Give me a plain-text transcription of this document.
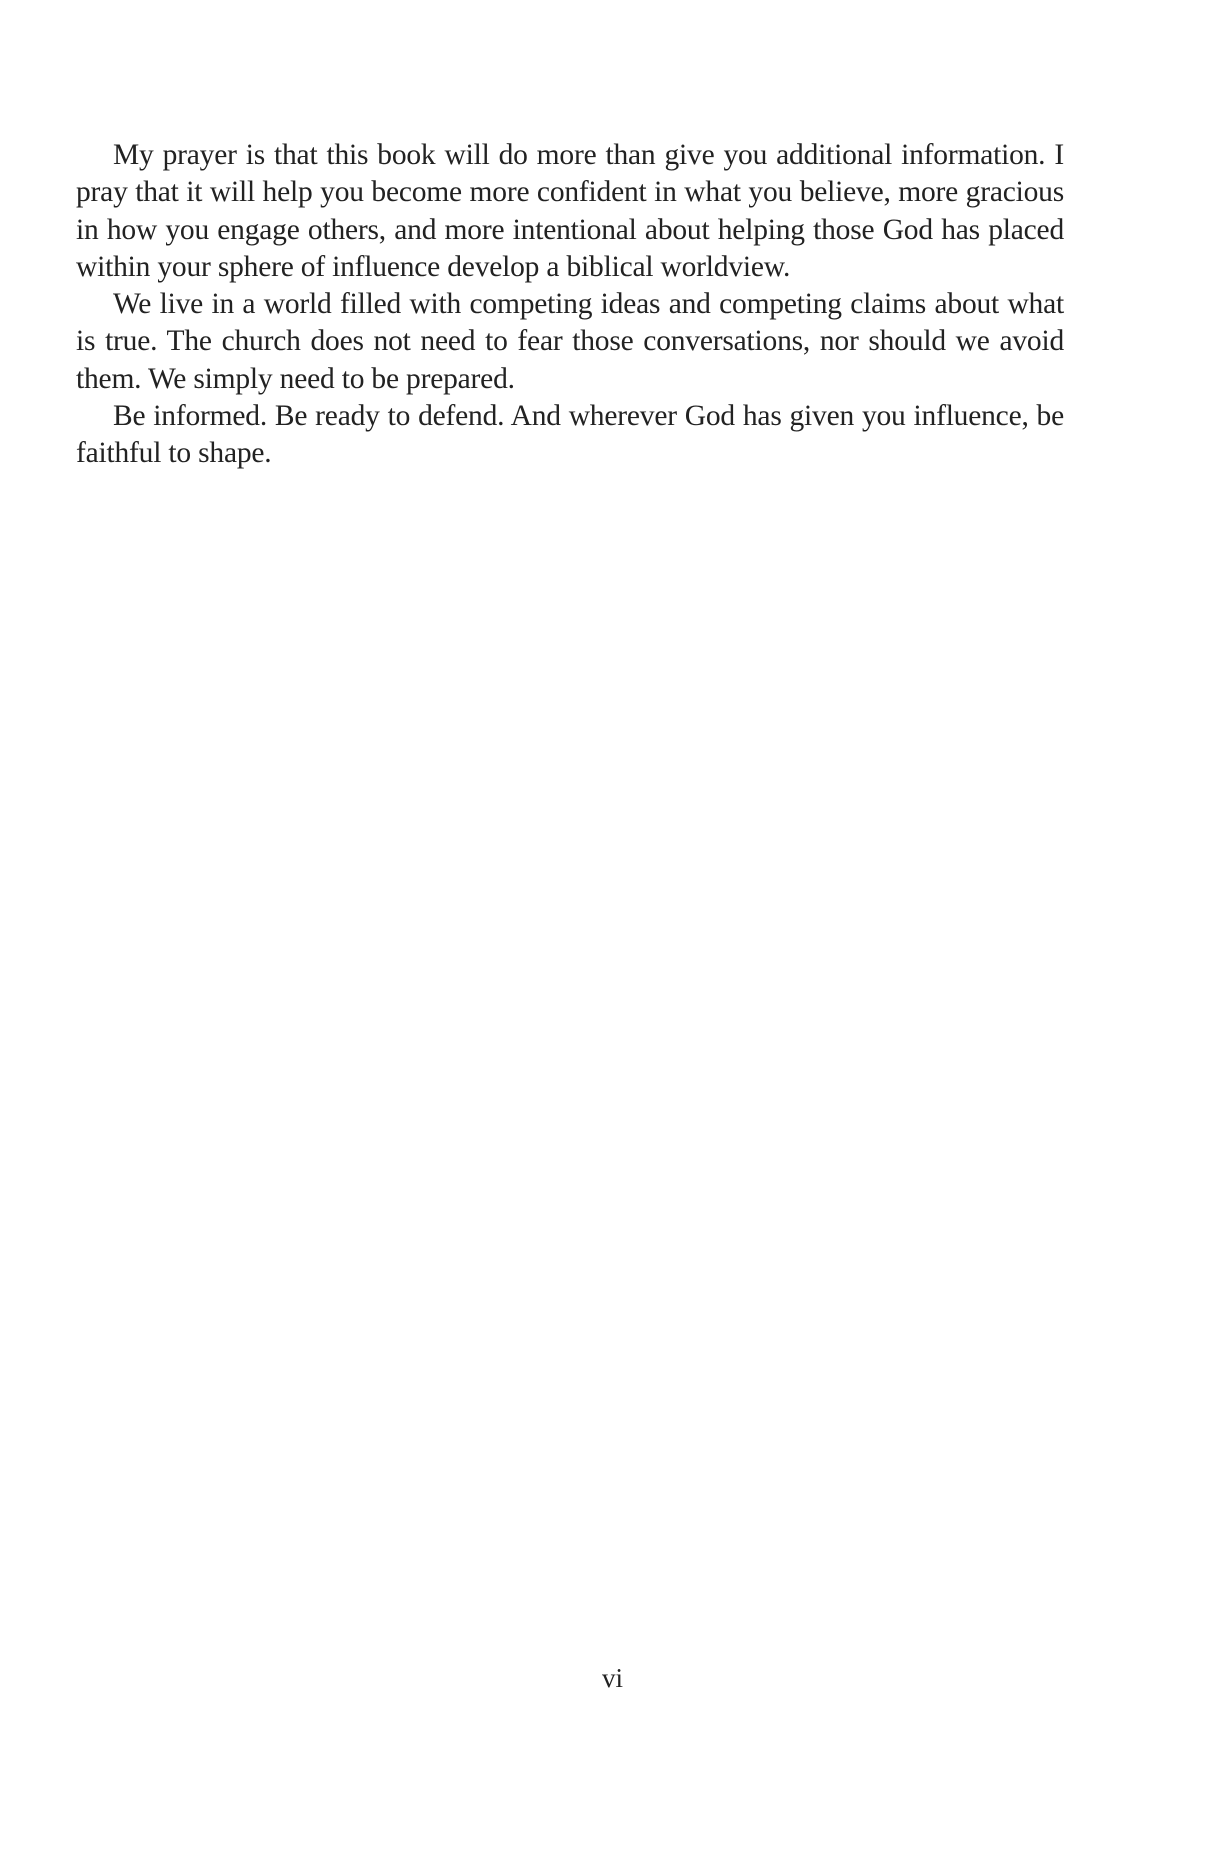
My prayer is that this book will do more than give you additional information. I pray that it will help you become more confident in what you believe, more gracious in how you engage others, and more intentional about helping those God has placed within your sphere of influence develop a biblical worldview.

We live in a world filled with competing ideas and competing claims about what is true. The church does not need to fear those conversations, nor should we avoid them. We simply need to be prepared.

Be informed. Be ready to defend. And wherever God has given you influence, be faithful to shape.

vi
